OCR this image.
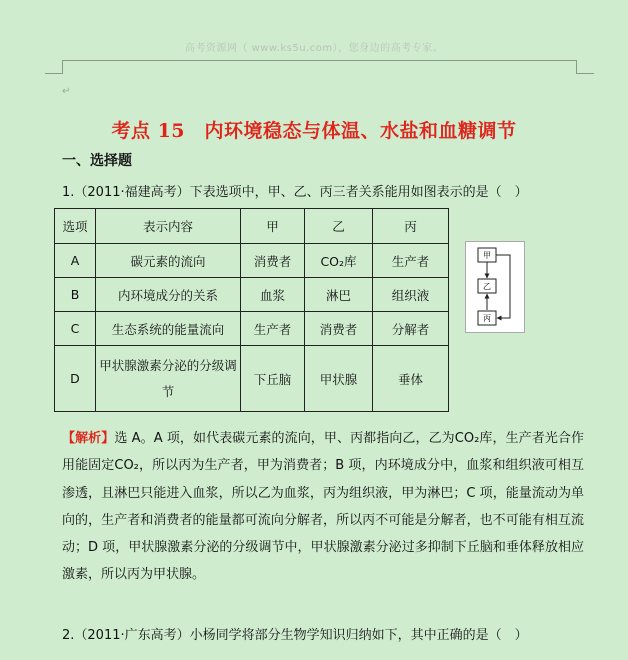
高考资源网（ www.ks5u.com），您身边的高考专家。
↵
考点 15　内环境稳态与体温、水盐和血糖调节
一、选择题
1.（2011·福建高考）下表选项中，甲、乙、丙三者关系能用如图表示的是（　）
选项	表示内容	甲	乙	丙
A	碳元素的流向	消费者	CO₂库	生产者
B	内环境成分的关系	血浆	淋巴	组织液
C	生态系统的能量流向	生产者	消费者	分解者
D	甲状腺激素分泌的分级调节	下丘脑	甲状腺	垂体
甲
乙
丙
【解析】选 A。A 项，如代表碳元素的流向，甲、丙都指向乙，乙为CO₂库，生产者光合作用能固定CO₂，所以丙为生产者，甲为消费者；B 项，内环境成分中，血浆和组织液可相互渗透，且淋巴只能进入血浆，所以乙为血浆，丙为组织液，甲为淋巴；C 项，能量流动为单向的，生产者和消费者的能量都可流向分解者，所以丙不可能是分解者，也不可能有相互流动；D 项，甲状腺激素分泌的分级调节中，甲状腺激素分泌过多抑制下丘脑和垂体释放相应激素，所以丙为甲状腺。
2.（2011·广东高考）小杨同学将部分生物学知识归纳如下，其中正确的是（　）
